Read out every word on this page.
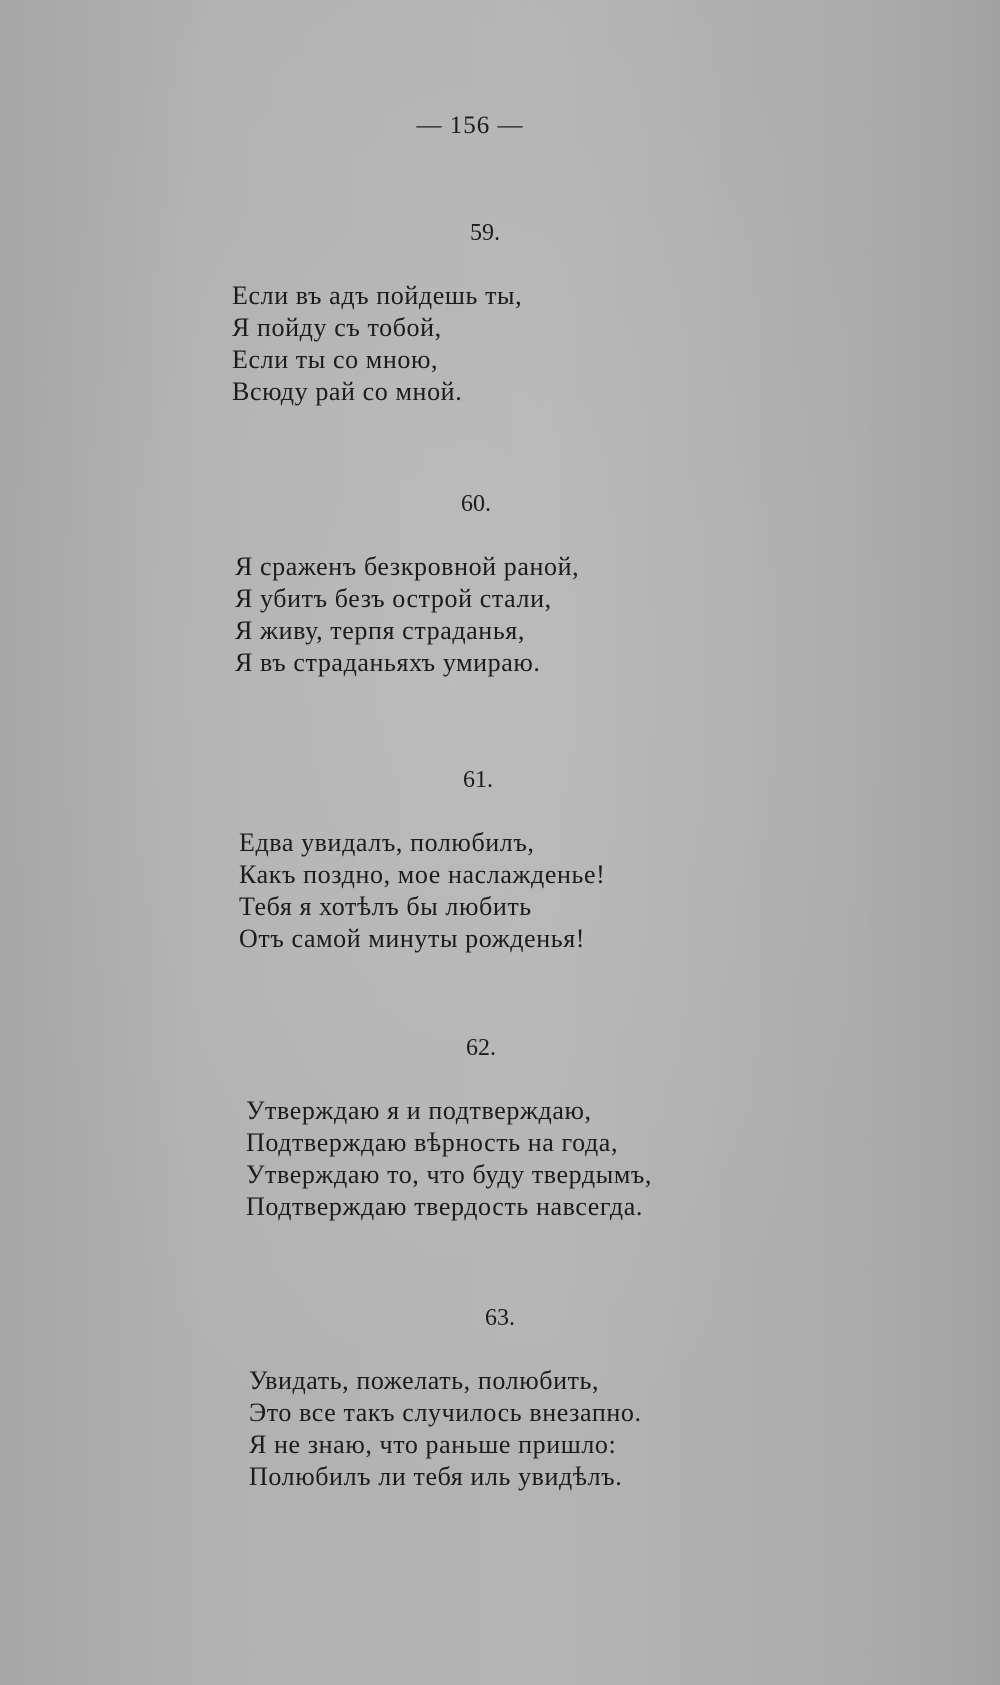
— 156 —
59.
Если въ адъ пойдешь ты,
Я пойду съ тобой,
Если ты со мною,
Всюду рай со мной.
60.
Я сраженъ безкровной раной,
Я убитъ безъ острой стали,
Я живу, терпя страданья,
Я въ страданьяхъ умираю.
61.
Едва увидалъ, полюбилъ,
Какъ поздно, мое наслажденье!
Тебя я хотѣлъ бы любить
Отъ самой минуты рожденья!
62.
Утверждаю я и подтверждаю,
Подтверждаю вѣрность на года,
Утверждаю то, что буду твердымъ,
Подтверждаю твердость навсегда.
63.
Увидать, пожелать, полюбить,
Это все такъ случилось внезапно.
Я не знаю, что раньше пришло:
Полюбилъ ли тебя иль увидѣлъ.
